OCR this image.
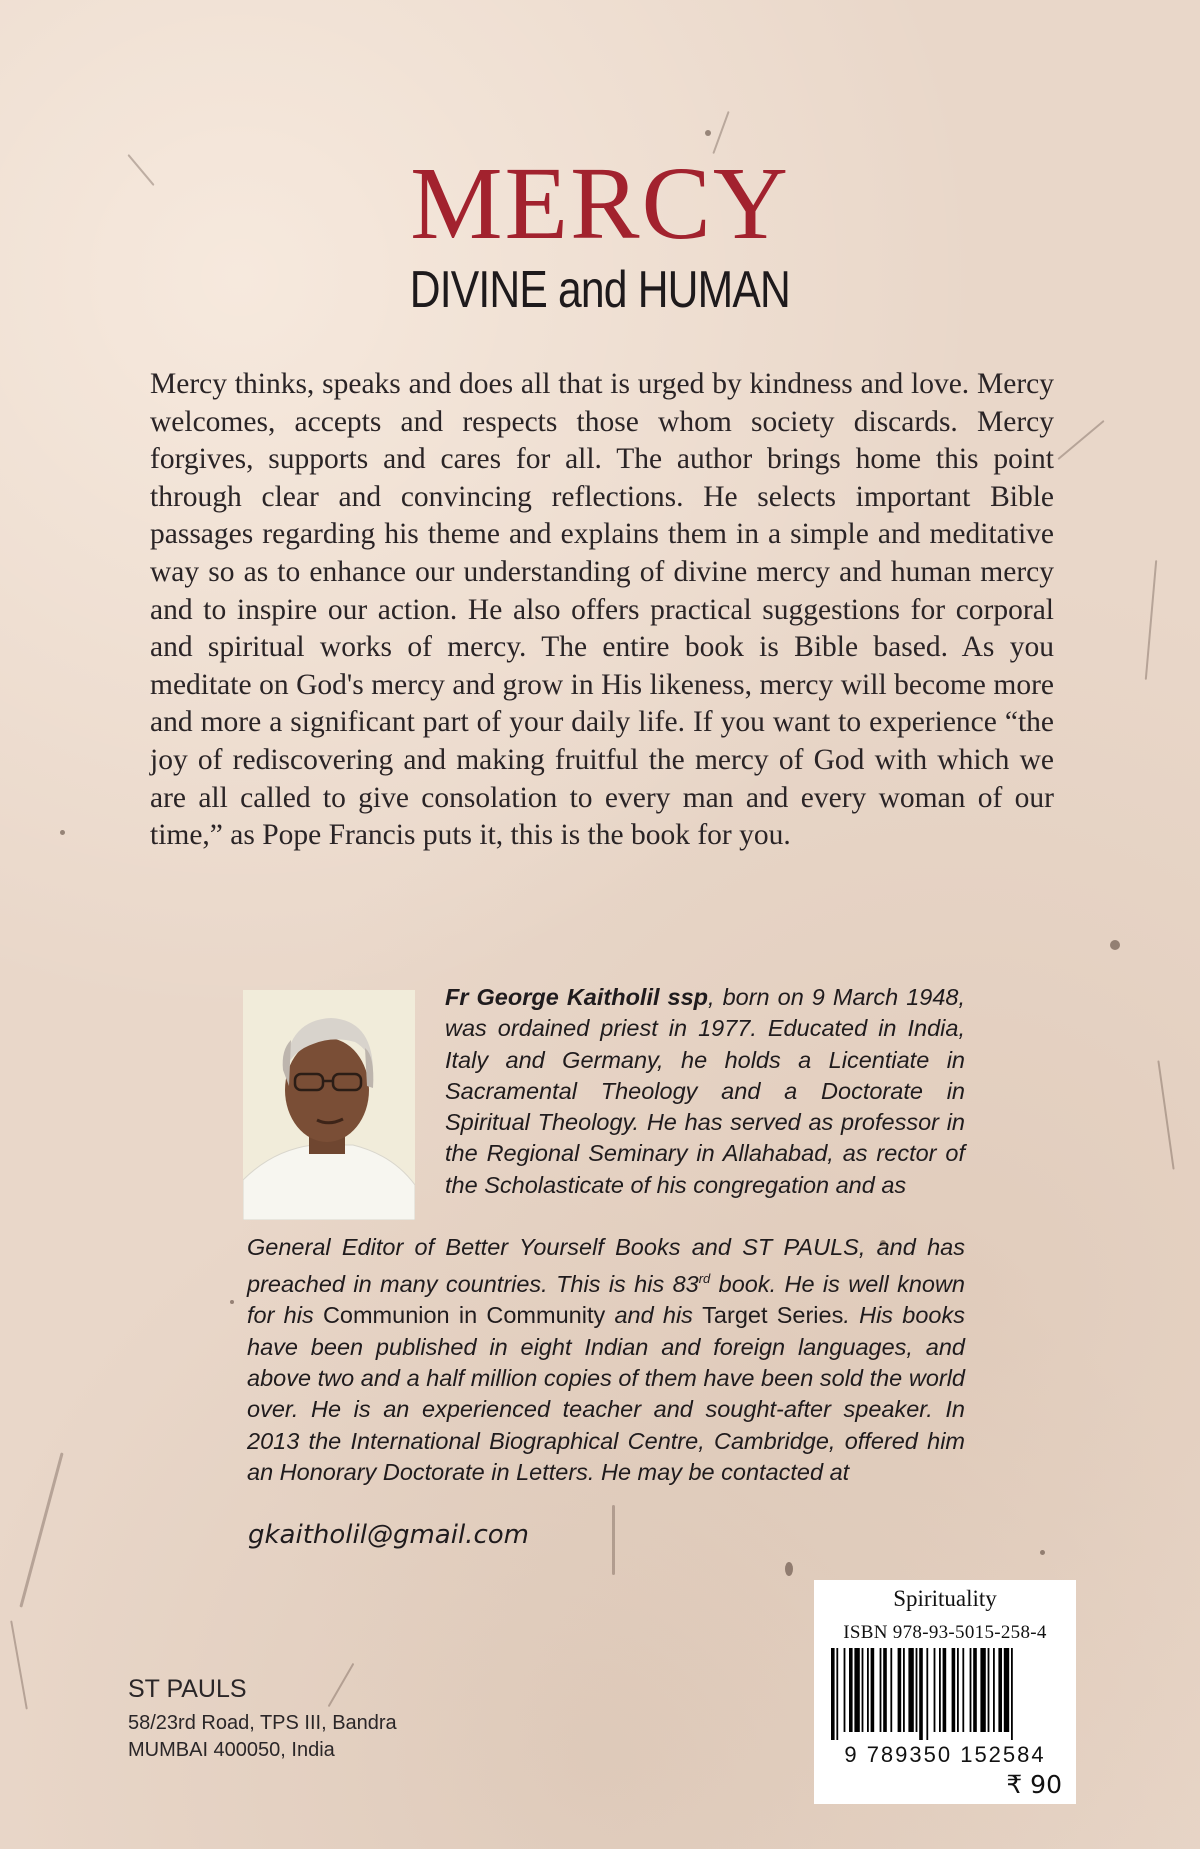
MERCY
DIVINE and HUMAN

Mercy thinks, speaks and does all that is urged by kindness and love. Mercy welcomes, accepts and respects those whom society discards. Mercy forgives, supports and cares for all. The author brings home this point through clear and convincing reflections. He selects important Bible passages regarding his theme and explains them in a simple and meditative way so as to enhance our understanding of divine mercy and human mercy and to inspire our action. He also offers practical suggestions for corporal and spiritual works of mercy. The entire book is Bible based. As you meditate on God's mercy and grow in His likeness, mercy will become more and more a significant part of your daily life. If you want to experience “the joy of rediscovering and making fruitful the mercy of God with which we are all called to give consolation to every man and every woman of our time,” as Pope Francis puts it, this is the book for you.

Fr George Kaitholil ssp, born on 9 March 1948, was ordained priest in 1977. Educated in India, Italy and Germany, he holds a Licentiate in Sacramental Theology and a Doctorate in Spiritual Theology. He has served as professor in the Regional Seminary in Allahabad, as rector of the Scholasticate of his congregation and as

General Editor of Better Yourself Books and ST PAULS, and has preached in many countries. This is his 83rd book. He is well known for his Communion in Community and his Target Series. His books have been published in eight Indian and foreign languages, and above two and a half million copies of them have been sold the world over. He is an experienced teacher and sought-after speaker. In 2013 the International Biographical Centre, Cambridge, offered him an Honorary Doctorate in Letters. He may be contacted at

gkaitholil@gmail.com
ST PAULS
58/23rd Road, TPS III, Bandra
MUMBAI 400050, India
Spirituality
ISBN 978-93-5015-258-4
9 789350 152584
₹ 90
